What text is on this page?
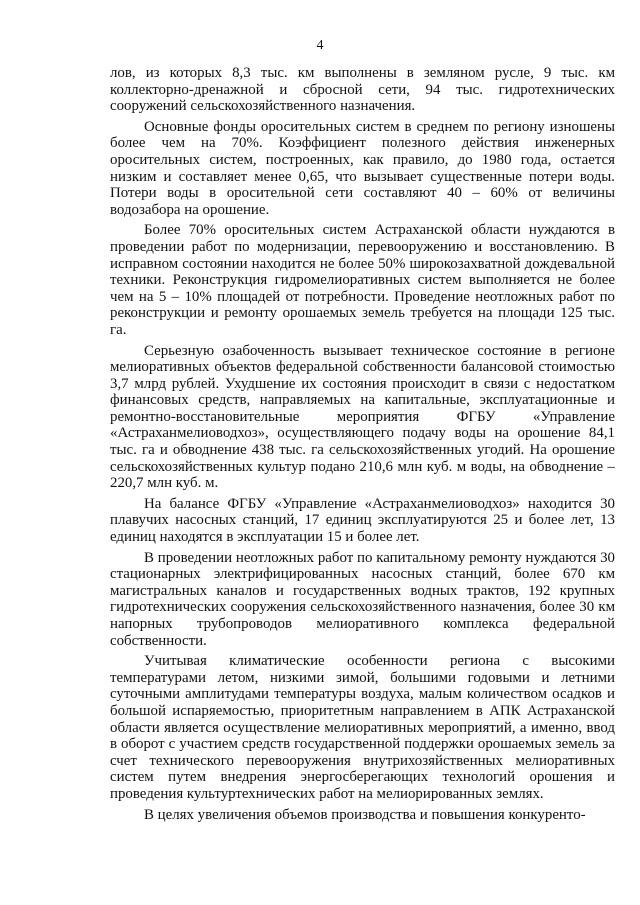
4

лов, из которых 8,3 тыс. км выполнены в земляном русле, 9 тыс. км коллекторно-дренажной и сбросной сети, 94 тыс. гидротехнических сооружений сельскохозяйственного назначения.

Основные фонды оросительных систем в среднем по региону изношены более чем на 70%. Коэффициент полезного действия инженерных оросительных систем, построенных, как правило, до 1980 года, остается низким и составляет менее 0,65, что вызывает существенные потери воды. Потери воды в оросительной сети составляют 40 – 60% от величины водозабора на орошение.

Более 70% оросительных систем Астраханской области нуждаются в проведении работ по модернизации, перевооружению и восстановлению. В исправном состоянии находится не более 50% широкозахватной дождевальной техники. Реконструкция гидромелиоративных систем выполняется не более чем на 5 – 10% площадей от потребности. Проведение неотложных работ по реконструкции и ремонту орошаемых земель требуется на площади 125 тыс. га.

Серьезную озабоченность вызывает техническое состояние в регионе мелиоративных объектов федеральной собственности балансовой стоимостью 3,7 млрд рублей. Ухудшение их состояния происходит в связи с недостатком финансовых средств, направляемых на капитальные, эксплуатационные и ремонтно-восстановительные мероприятия ФГБУ «Управление «Астраханмелиоводхоз», осуществляющего подачу воды на орошение 84,1 тыс. га и обводнение 438 тыс. га сельскохозяйственных угодий. На орошение сельскохозяйственных культур подано 210,6 млн куб. м воды, на обводнение – 220,7 млн куб. м.

На балансе ФГБУ «Управление «Астраханмелиоводхоз» находится 30 плавучих насосных станций, 17 единиц эксплуатируются 25 и более лет, 13 единиц находятся в эксплуатации 15 и более лет.

В проведении неотложных работ по капитальному ремонту нуждаются 30 стационарных электрифицированных насосных станций, более 670 км магистральных каналов и государственных водных трактов, 192 крупных гидротехнических сооружения сельскохозяйственного назначения, более 30 км напорных трубопроводов мелиоративного комплекса федеральной собственности.

Учитывая климатические особенности региона с высокими температурами летом, низкими зимой, большими годовыми и летними суточными амплитудами температуры воздуха, малым количеством осадков и большой испаряемостью, приоритетным направлением в АПК Астраханской области является осуществление мелиоративных мероприятий, а именно, ввод в оборот с участием средств государственной поддержки орошаемых земель за счет технического перевооружения внутрихозяйственных мелиоративных систем путем внедрения энергосберегающих технологий орошения и проведения культуртехнических работ на мелиорированных землях.

В целях увеличения объемов производства и повышения конкуренто-
